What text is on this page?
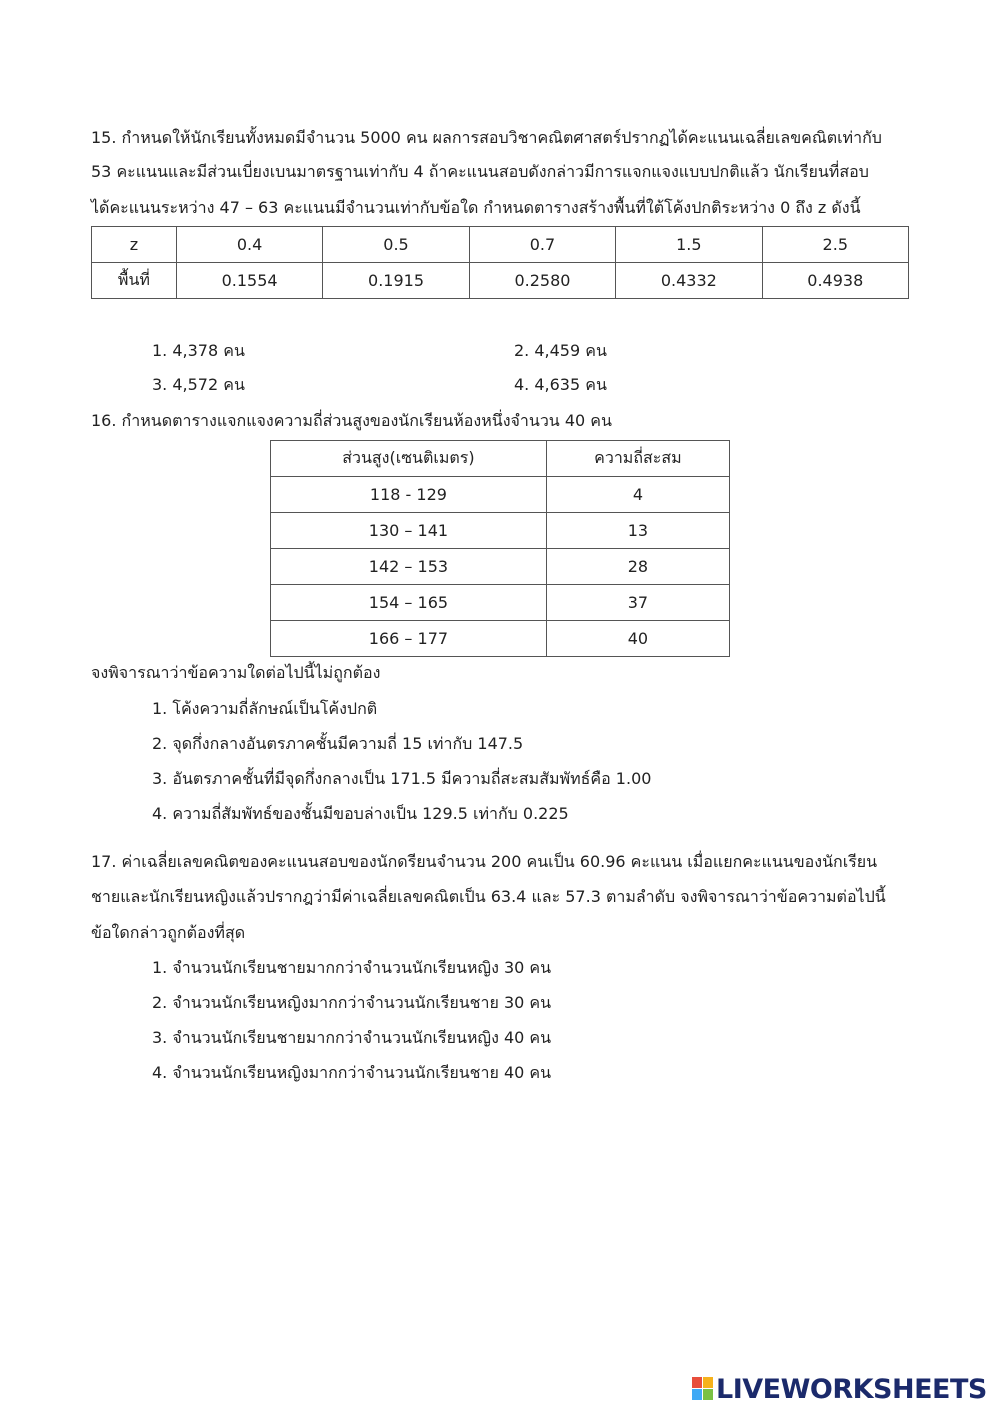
15. กำหนดให้นักเรียนทั้งหมดมีจำนวน 5000 คน ผลการสอบวิชาคณิตศาสตร์ปรากฏได้คะแนนเฉลี่ยเลขคณิตเท่ากับ
53 คะแนนและมีส่วนเบี่ยงเบนมาตรฐานเท่ากับ 4 ถ้าคะแนนสอบดังกล่าวมีการแจกแจงแบบปกติแล้ว นักเรียนที่สอบ
ได้คะแนนระหว่าง 47 – 63 คะแนนมีจำนวนเท่ากับข้อใด กำหนดตารางสร้างพื้นที่ใต้โค้งปกติระหว่าง 0 ถึง z ดังนี้
z	0.4	0.5	0.7	1.5	2.5
พื้นที่	0.1554	0.1915	0.2580	0.4332	0.4938
1. 4,378 คน	2. 4,459 คน
3. 4,572 คน	4. 4,635 คน
16. กำหนดตารางแจกแจงความถี่ส่วนสูงของนักเรียนห้องหนึ่งจำนวน 40 คน
ส่วนสูง(เซนติเมตร)	ความถี่สะสม
118 - 129	4
130 – 141	13
142 – 153	28
154 – 165	37
166 – 177	40
จงพิจารณาว่าข้อความใดต่อไปนี้ไม่ถูกต้อง
1. โค้งความถี่ลักษณ์เป็นโค้งปกติ
2. จุดกึ่งกลางอันตรภาคชั้นมีความถี่ 15 เท่ากับ 147.5
3. อันตรภาคชั้นที่มีจุดกึ่งกลางเป็น 171.5 มีความถี่สะสมสัมพัทธ์คือ 1.00
4. ความถี่สัมพัทธ์ของชั้นมีขอบล่างเป็น 129.5 เท่ากับ 0.225
17. ค่าเฉลี่ยเลขคณิตของคะแนนสอบของนักดรียนจำนวน 200 คนเป็น 60.96 คะแนน เมื่อแยกคะแนนของนักเรียน
ชายและนักเรียนหญิงแล้วปรากฎว่ามีค่าเฉลี่ยเลขคณิตเป็น 63.4 และ 57.3 ตามลำดับ จงพิจารณาว่าข้อความต่อไปนี้
ข้อใดกล่าวถูกต้องที่สุด
1. จำนวนนักเรียนชายมากกว่าจำนวนนักเรียนหญิง 30 คน
2. จำนวนนักเรียนหญิงมากกว่าจำนวนนักเรียนชาย 30 คน
3. จำนวนนักเรียนชายมากกว่าจำนวนนักเรียนหญิง 40 คน
4. จำนวนนักเรียนหญิงมากกว่าจำนวนนักเรียนชาย 40 คน
LIVEWORKSHEETS
